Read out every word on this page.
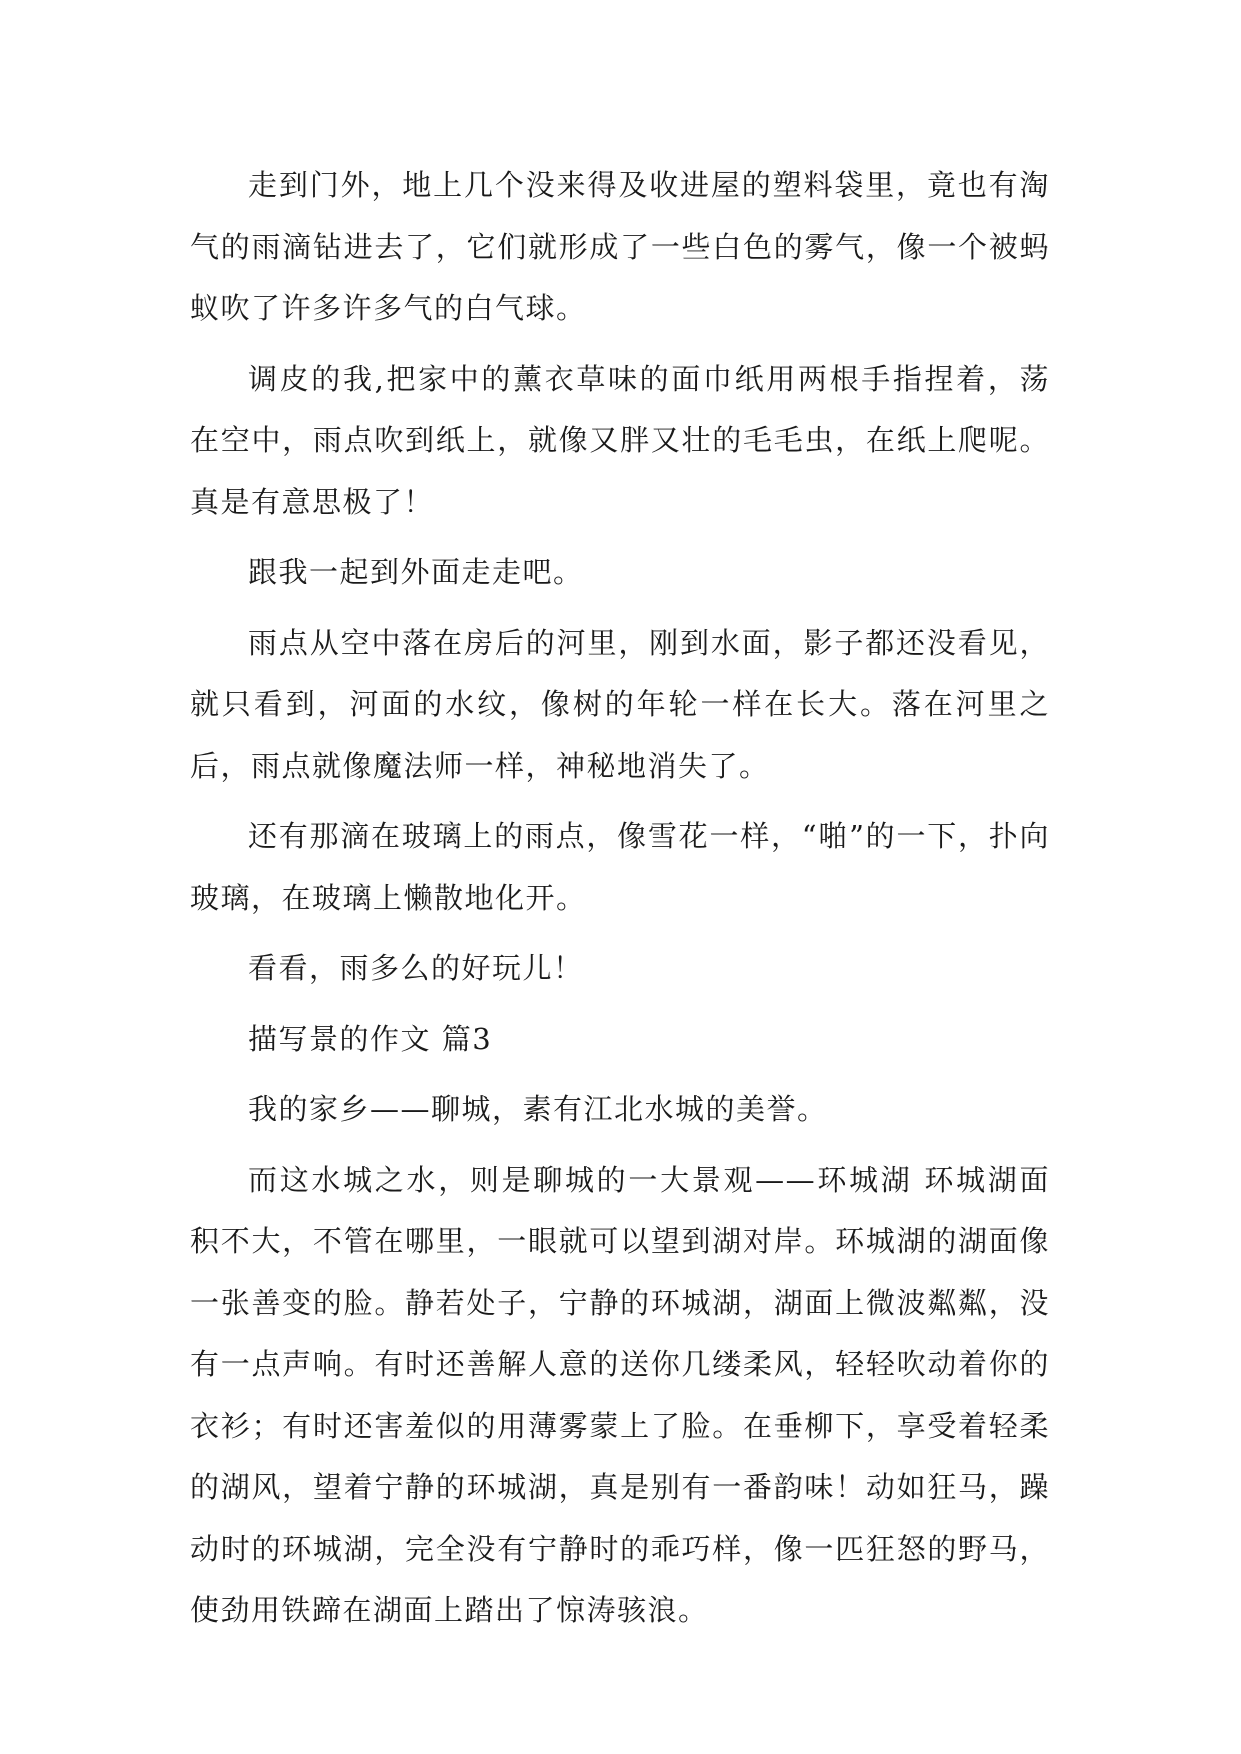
走到门外，地上几个没来得及收进屋的塑料袋里，竟也有淘气的雨滴钻进去了，它们就形成了一些白色的雾气，像一个被蚂蚁吹了许多许多气的白气球。

调皮的我,把家中的薰衣草味的面巾纸用两根手指捏着，荡在空中，雨点吹到纸上，就像又胖又壮的毛毛虫，在纸上爬呢。真是有意思极了！

跟我一起到外面走走吧。

雨点从空中落在房后的河里，刚到水面，影子都还没看见，就只看到，河面的水纹，像树的年轮一样在长大。落在河里之后，雨点就像魔法师一样，神秘地消失了。

还有那滴在玻璃上的雨点，像雪花一样，“啪”的一下，扑向玻璃，在玻璃上懒散地化开。

看看，雨多么的好玩儿！

描写景的作文 篇3

我的家乡——聊城，素有江北水城的美誉。

而这水城之水，则是聊城的一大景观——环城湖 环城湖面积不大，不管在哪里，一眼就可以望到湖对岸。环城湖的湖面像一张善变的脸。静若处子，宁静的环城湖，湖面上微波粼粼，没有一点声响。有时还善解人意的送你几缕柔风，轻轻吹动着你的衣衫；有时还害羞似的用薄雾蒙上了脸。在垂柳下，享受着轻柔的湖风，望着宁静的环城湖，真是别有一番韵味！动如狂马，躁动时的环城湖，完全没有宁静时的乖巧样，像一匹狂怒的野马，使劲用铁蹄在湖面上踏出了惊涛骇浪。
